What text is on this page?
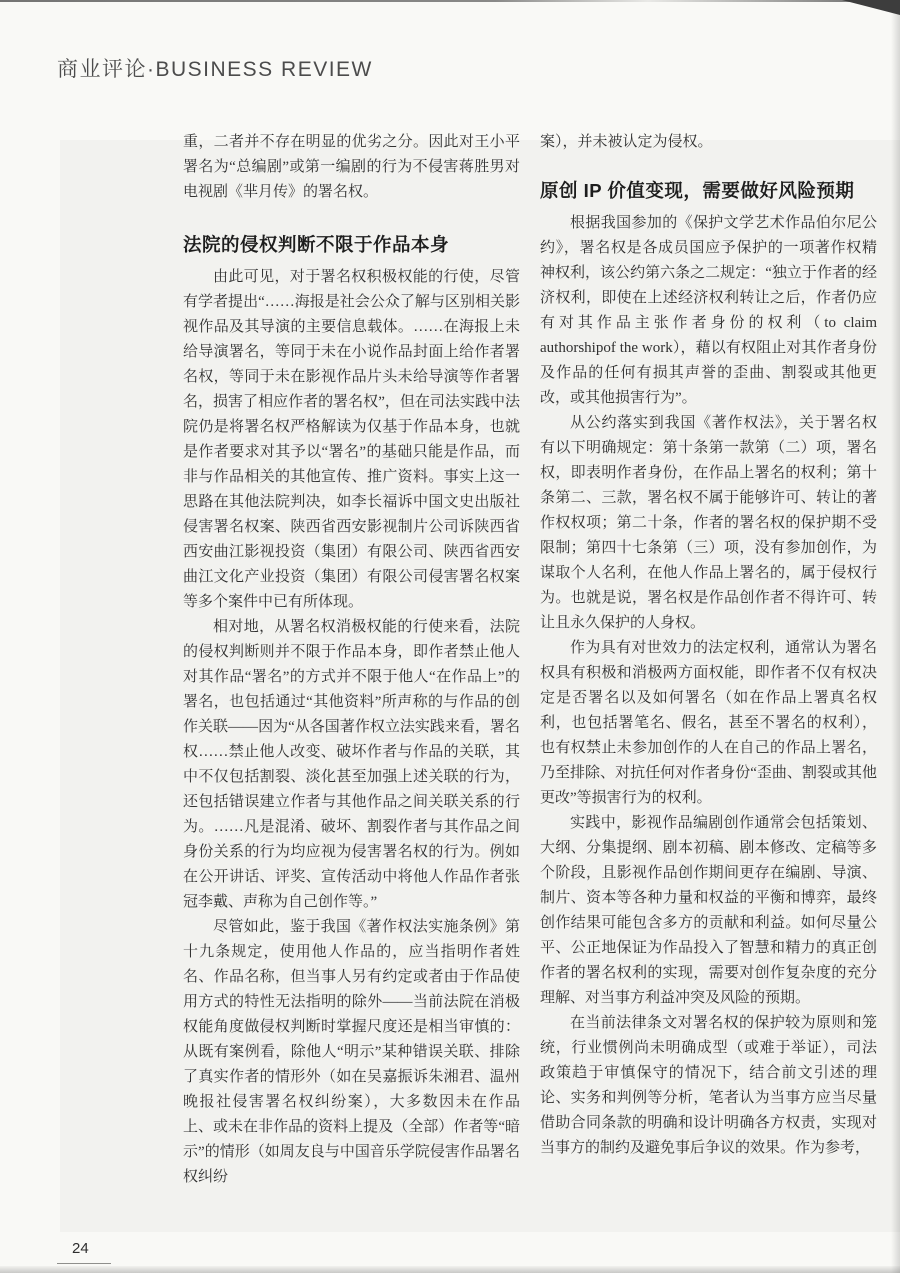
商业评论·BUSINESS REVIEW

重，二者并不存在明显的优劣之分。因此对王小平署名为“总编剧”或第一编剧的行为不侵害蒋胜男对电视剧《芈月传》的署名权。

法院的侵权判断不限于作品本身

由此可见，对于署名权积极权能的行使，尽管有学者提出“……海报是社会公众了解与区别相关影视作品及其导演的主要信息载体。……在海报上未给导演署名，等同于未在小说作品封面上给作者署名权，等同于未在影视作品片头未给导演等作者署名，损害了相应作者的署名权”，但在司法实践中法院仍是将署名权严格解读为仅基于作品本身，也就是作者要求对其予以“署名”的基础只能是作品，而非与作品相关的其他宣传、推广资料。事实上这一思路在其他法院判决，如李长福诉中国文史出版社侵害署名权案、陕西省西安影视制片公司诉陕西省西安曲江影视投资（集团）有限公司、陕西省西安曲江文化产业投资（集团）有限公司侵害署名权案等多个案件中已有所体现。

相对地，从署名权消极权能的行使来看，法院的侵权判断则并不限于作品本身，即作者禁止他人对其作品“署名”的方式并不限于他人“在作品上”的署名，也包括通过“其他资料”所声称的与作品的创作关联——因为“从各国著作权立法实践来看，署名权……禁止他人改变、破坏作者与作品的关联，其中不仅包括割裂、淡化甚至加强上述关联的行为，还包括错误建立作者与其他作品之间关联关系的行为。……凡是混淆、破坏、割裂作者与其作品之间身份关系的行为均应视为侵害署名权的行为。例如在公开讲话、评奖、宣传活动中将他人作品作者张冠李戴、声称为自己创作等。”

尽管如此，鉴于我国《著作权法实施条例》第十九条规定，使用他人作品的，应当指明作者姓名、作品名称，但当事人另有约定或者由于作品使用方式的特性无法指明的除外——当前法院在消极权能角度做侵权判断时掌握尺度还是相当审慎的：从既有案例看，除他人“明示”某种错误关联、排除了真实作者的情形外（如在吴嘉振诉朱湘君、温州晚报社侵害署名权纠纷案），大多数因未在作品上、或未在非作品的资料上提及（全部）作者等“暗示”的情形（如周友良与中国音乐学院侵害作品署名权纠纷

案），并未被认定为侵权。

原创 IP 价值变现，需要做好风险预期

根据我国参加的《保护文学艺术作品伯尔尼公约》，署名权是各成员国应予保护的一项著作权精神权利，该公约第六条之二规定：“独立于作者的经济权利，即使在上述经济权利转让之后，作者仍应有对其作品主张作者身份的权利（to claim authorshipof the work），藉以有权阻止对其作者身份及作品的任何有损其声誉的歪曲、割裂或其他更改，或其他损害行为”。

从公约落实到我国《著作权法》，关于署名权有以下明确规定：第十条第一款第（二）项，署名权，即表明作者身份，在作品上署名的权利；第十条第二、三款，署名权不属于能够许可、转让的著作权权项；第二十条，作者的署名权的保护期不受限制；第四十七条第（三）项，没有参加创作，为谋取个人名利，在他人作品上署名的，属于侵权行为。也就是说，署名权是作品创作者不得许可、转让且永久保护的人身权。

作为具有对世效力的法定权利，通常认为署名权具有积极和消极两方面权能，即作者不仅有权决定是否署名以及如何署名（如在作品上署真名权利，也包括署笔名、假名，甚至不署名的权利），也有权禁止未参加创作的人在自己的作品上署名，乃至排除、对抗任何对作者身份“歪曲、割裂或其他更改”等损害行为的权利。

实践中，影视作品编剧创作通常会包括策划、大纲、分集提纲、剧本初稿、剧本修改、定稿等多个阶段，且影视作品创作期间更存在编剧、导演、制片、资本等各种力量和权益的平衡和博弈，最终创作结果可能包含多方的贡献和利益。如何尽量公平、公正地保证为作品投入了智慧和精力的真正创作者的署名权利的实现，需要对创作复杂度的充分理解、对当事方利益冲突及风险的预期。

在当前法律条文对署名权的保护较为原则和笼统，行业惯例尚未明确成型（或难于举证），司法政策趋于审慎保守的情况下，结合前文引述的理论、实务和判例等分析，笔者认为当事方应当尽量借助合同条款的明确和设计明确各方权责，实现对当事方的制约及避免事后争议的效果。作为参考，

24
